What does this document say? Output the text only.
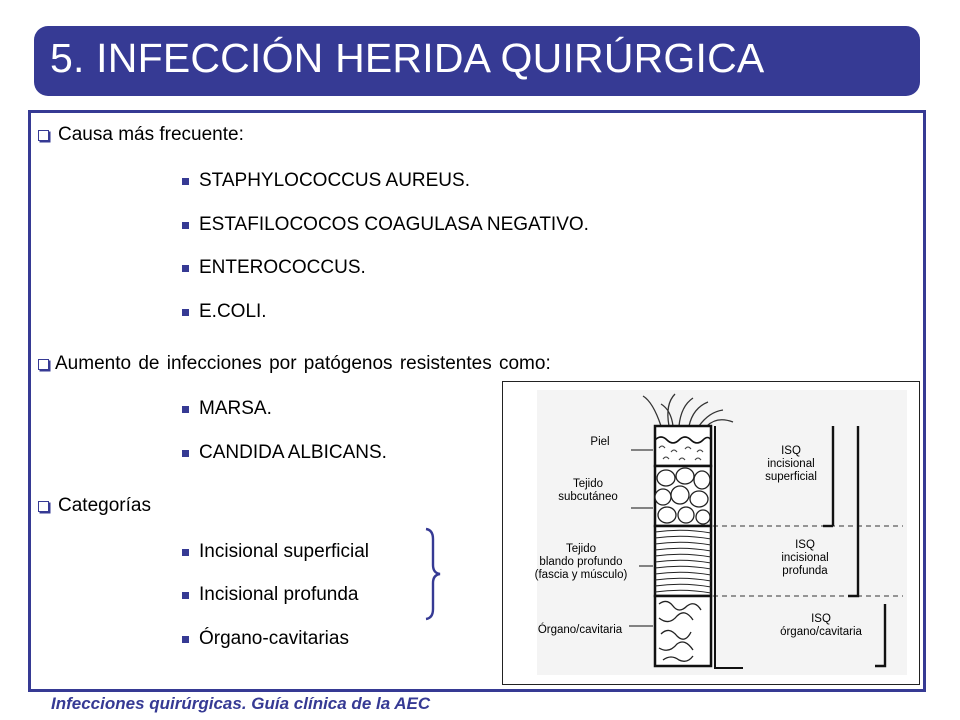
5. INFECCIÓN HERIDA QUIRÚRGICA
Causa más frecuente:
STAPHYLOCOCCUS AUREUS.
ESTAFILOCOCOS COAGULASA NEGATIVO.
ENTEROCOCCUS.
E.COLI.
Aumento de infecciones por patógenos resistentes como:
MARSA.
CANDIDA ALBICANS.
Categorías
Incisional superficial
Incisional profunda
Órgano-cavitarias
Piel
Tejido
subcutáneo
Tejido
blando profundo
(fascia y músculo)
Órgano/cavitaria
ISQ
incisional
superficial
ISQ
incisional
profunda
ISQ
órgano/cavitaria
Infecciones quirúrgicas. Guía clínica de la AEC
